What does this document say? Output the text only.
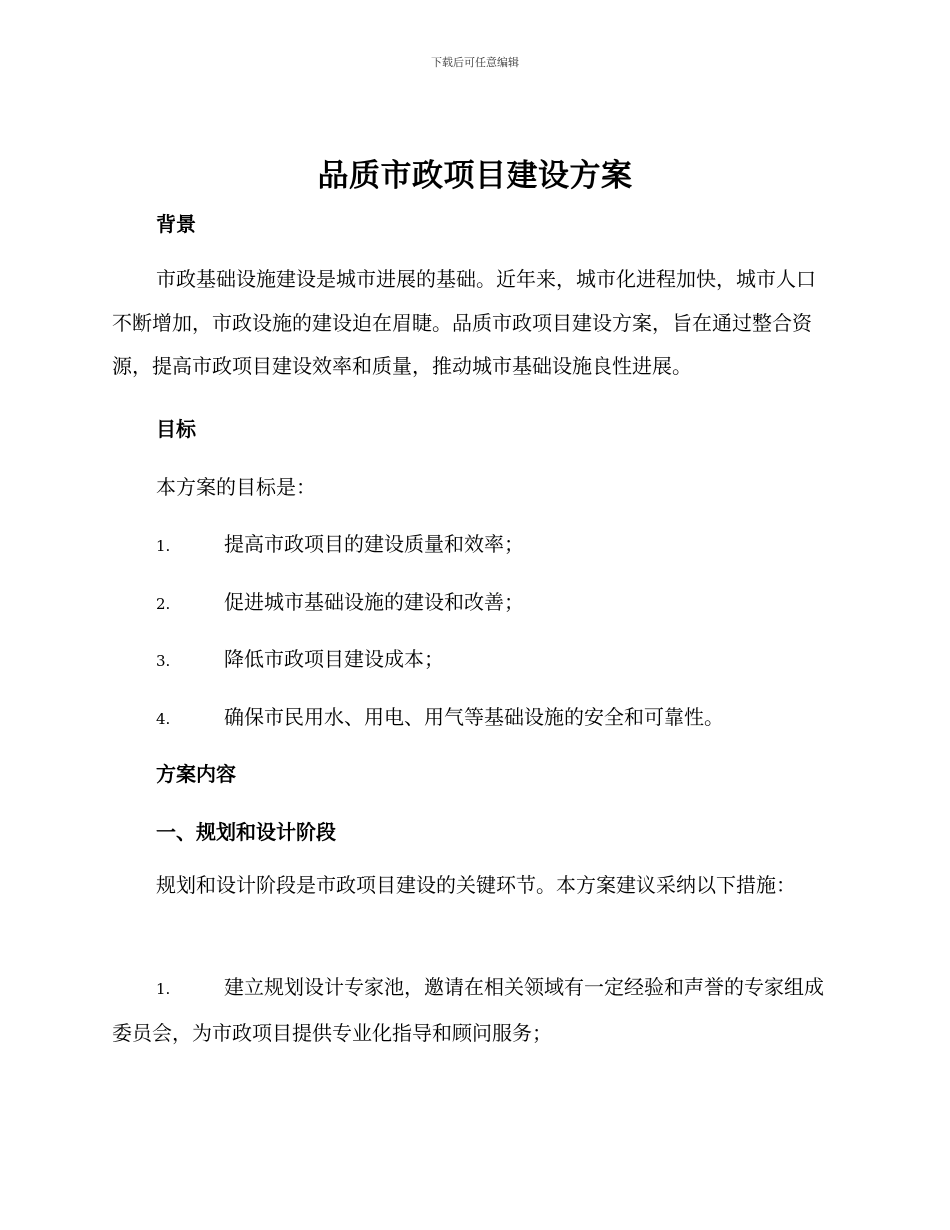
下载后可任意编辑
品质市政项目建设方案
背景

市政基础设施建设是城市进展的基础。近年来，城市化进程加快，城市人口不断增加，市政设施的建设迫在眉睫。品质市政项目建设方案，旨在通过整合资源，提高市政项目建设效率和质量，推动城市基础设施良性进展。

目标
本方案的目标是：
1.	提高市政项目的建设质量和效率；
2.	促进城市基础设施的建设和改善；
3.	降低市政项目建设成本；
4.	确保市民用水、用电、用气等基础设施的安全和可靠性。
方案内容
一、规划和设计阶段

规划和设计阶段是市政项目建设的关键环节。本方案建议采纳以下措施：

1.	建立规划设计专家池，邀请在相关领域有一定经验和声誉的专家组成委员会，为市政项目提供专业化指导和顾问服务；
